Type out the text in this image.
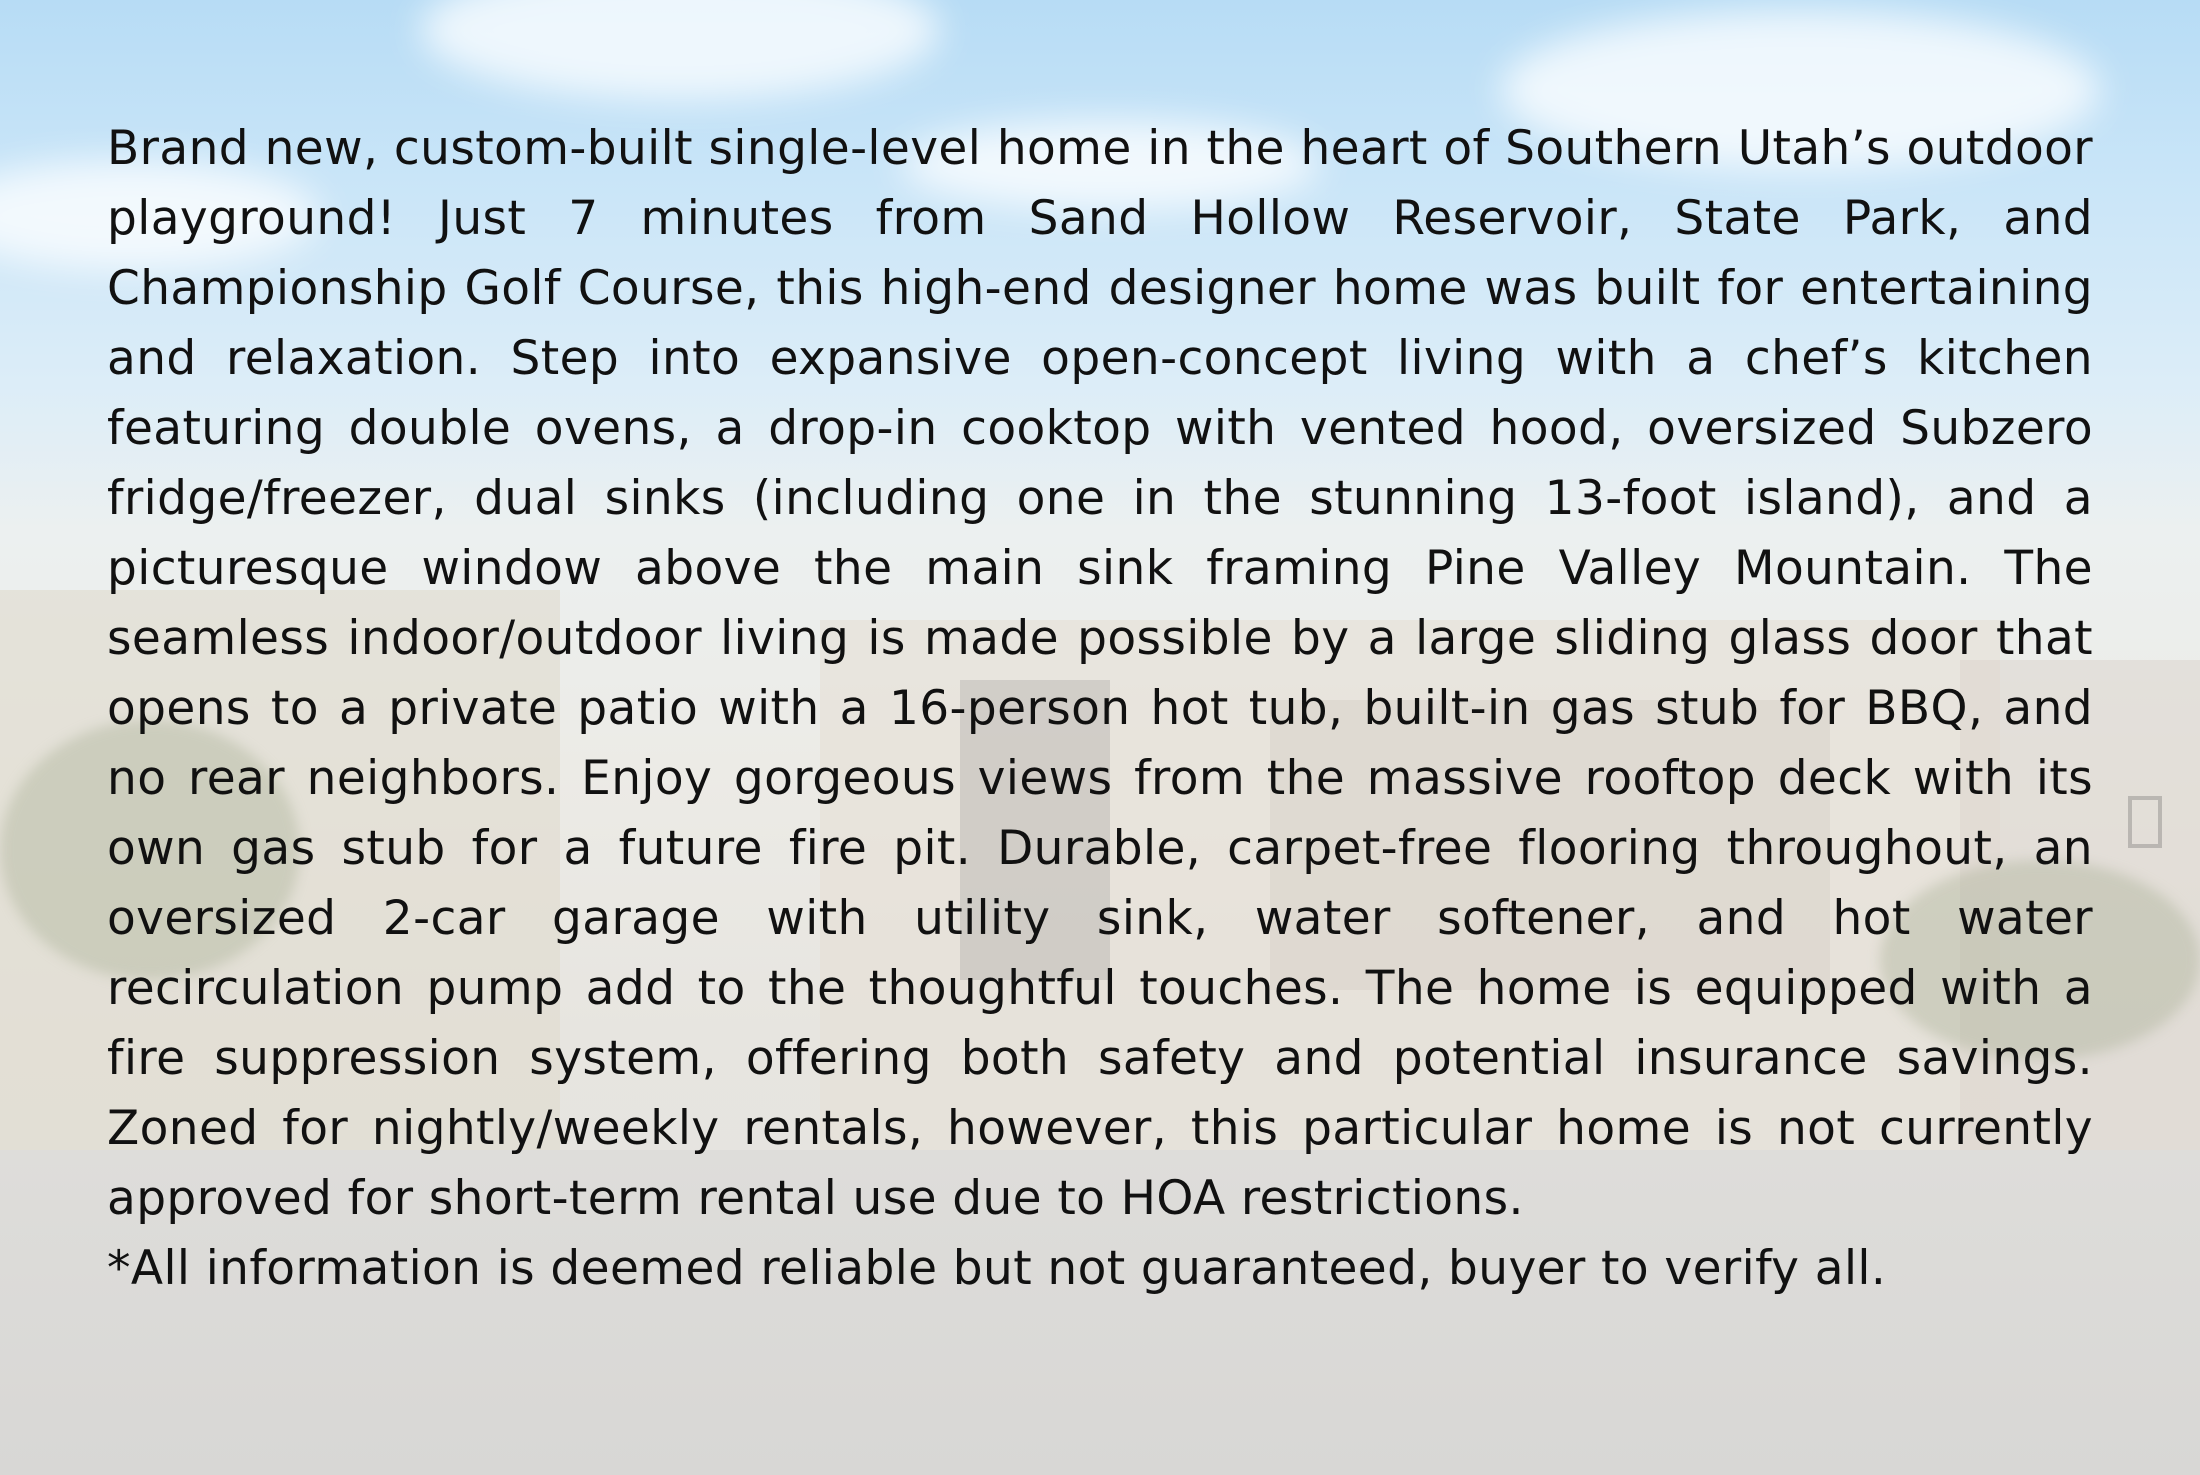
Brand new, custom-built single-level home in the heart of Southern Utah’s outdoor playground! Just 7 minutes from Sand Hollow Reservoir, State Park, and Championship Golf Course, this high-end designer home was built for entertaining and relaxation. Step into expansive open-concept living with a chef’s kitchen featuring double ovens, a drop-in cooktop with vented hood, oversized Subzero fridge/freezer, dual sinks (including one in the stunning 13-foot island), and a picturesque window above the main sink framing Pine Valley Mountain. The seamless indoor/outdoor living is made possible by a large sliding glass door that opens to a private patio with a 16-person hot tub, built-in gas stub for BBQ, and no rear neighbors. Enjoy gorgeous views from the massive rooftop deck with its own gas stub for a future fire pit. Durable, carpet-free flooring throughout, an oversized 2-car garage with utility sink, water softener, and hot water recirculation pump add to the thoughtful touches. The home is equipped with a fire suppression system, offering both safety and potential insurance savings. Zoned for nightly/weekly rentals, however, this particular home is not currently approved for short-term rental use due to HOA restrictions.

*All information is deemed reliable but not guaranteed, buyer to verify all.
